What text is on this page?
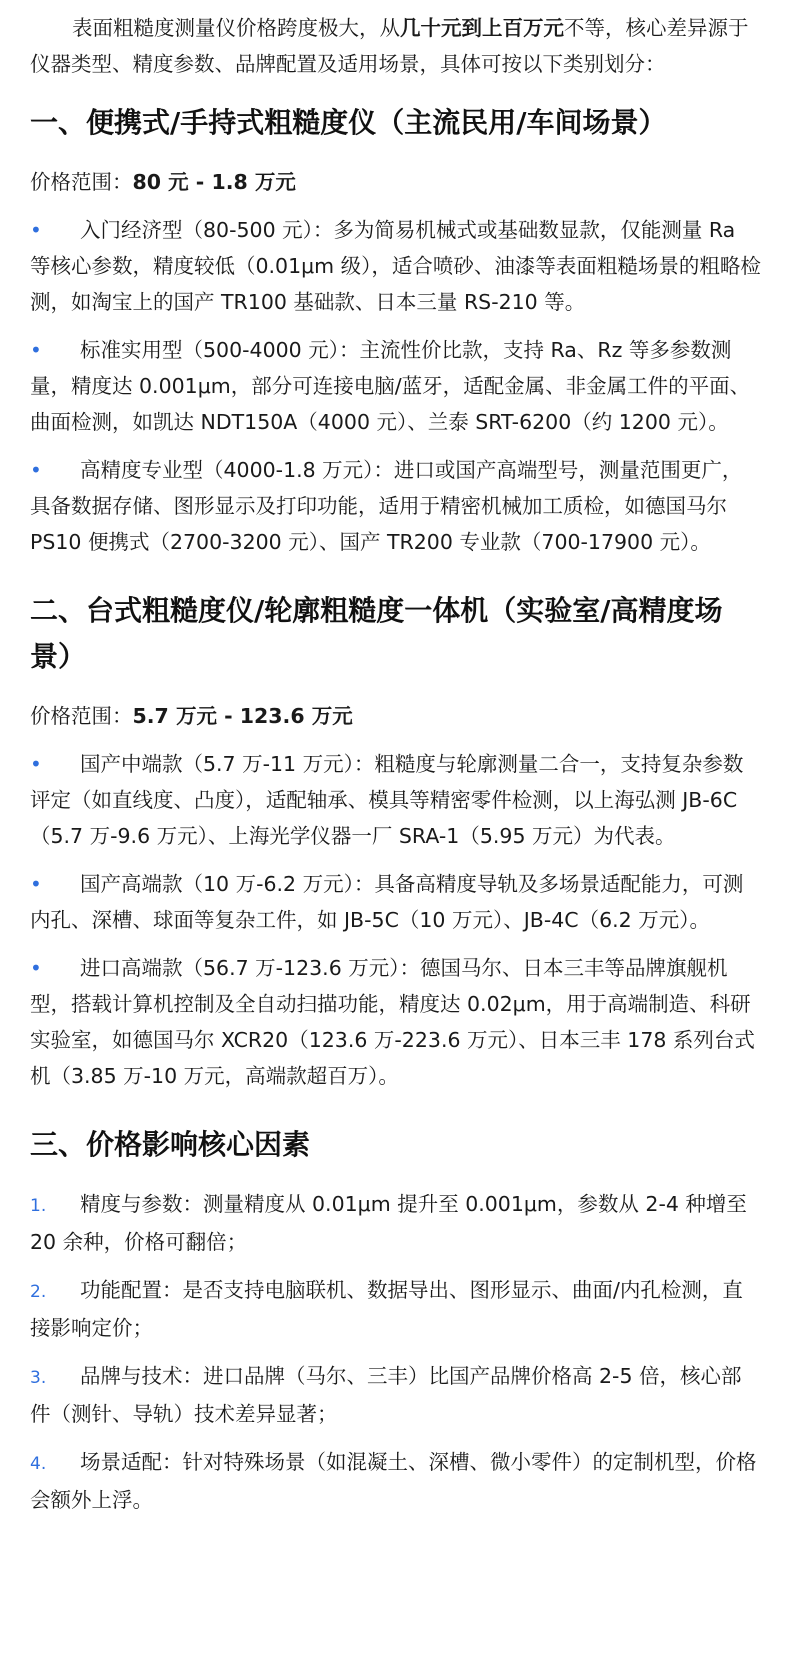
表面粗糙度测量仪价格跨度极大，从几十元到上百万元不等，核心差异源于仪器类型、精度参数、品牌配置及适用场景，具体可按以下类别划分：

一、便携式/手持式粗糙度仪（主流民用/车间场景）

价格范围：80 元 - 1.8 万元

• 入门经济型（80-500 元）：多为简易机械式或基础数显款，仅能测量 Ra 等核心参数，精度较低（0.01μm 级），适合喷砂、油漆等表面粗糙场景的粗略检测，如淘宝上的国产 TR100 基础款、日本三量 RS-210 等。
• 标准实用型（500-4000 元）：主流性价比款，支持 Ra、Rz 等多参数测量，精度达 0.001μm，部分可连接电脑/蓝牙，适配金属、非金属工件的平面、曲面检测，如凯达 NDT150A（4000 元）、兰泰 SRT-6200（约 1200 元）。
• 高精度专业型（4000-1.8 万元）：进口或国产高端型号，测量范围更广，具备数据存储、图形显示及打印功能，适用于精密机械加工质检，如德国马尔 PS10 便携式（2700-3200 元）、国产 TR200 专业款（700-17900 元）。
二、台式粗糙度仪/轮廓粗糙度一体机（实验室/高精度场景）

价格范围：5.7 万元 - 123.6 万元

• 国产中端款（5.7 万-11 万元）：粗糙度与轮廓测量二合一，支持复杂参数评定（如直线度、凸度），适配轴承、模具等精密零件检测，以上海弘测 JB-6C（5.7 万-9.6 万元）、上海光学仪器一厂 SRA-1（5.95 万元）为代表。
• 国产高端款（10 万-6.2 万元）：具备高精度导轨及多场景适配能力，可测内孔、深槽、球面等复杂工件，如 JB-5C（10 万元）、JB-4C（6.2 万元）。
• 进口高端款（56.7 万-123.6 万元）：德国马尔、日本三丰等品牌旗舰机型，搭载计算机控制及全自动扫描功能，精度达 0.02μm，用于高端制造、科研实验室，如德国马尔 XCR20（123.6 万-223.6 万元）、日本三丰 178 系列台式机（3.85 万-10 万元，高端款超百万）。
三、价格影响核心因素
1. 精度与参数：测量精度从 0.01μm 提升至 0.001μm，参数从 2-4 种增至 20 余种，价格可翻倍；
2. 功能配置：是否支持电脑联机、数据导出、图形显示、曲面/内孔检测，直接影响定价；
3. 品牌与技术：进口品牌（马尔、三丰）比国产品牌价格高 2-5 倍，核心部件（测针、导轨）技术差异显著；
4. 场景适配：针对特殊场景（如混凝土、深槽、微小零件）的定制机型，价格会额外上浮。
